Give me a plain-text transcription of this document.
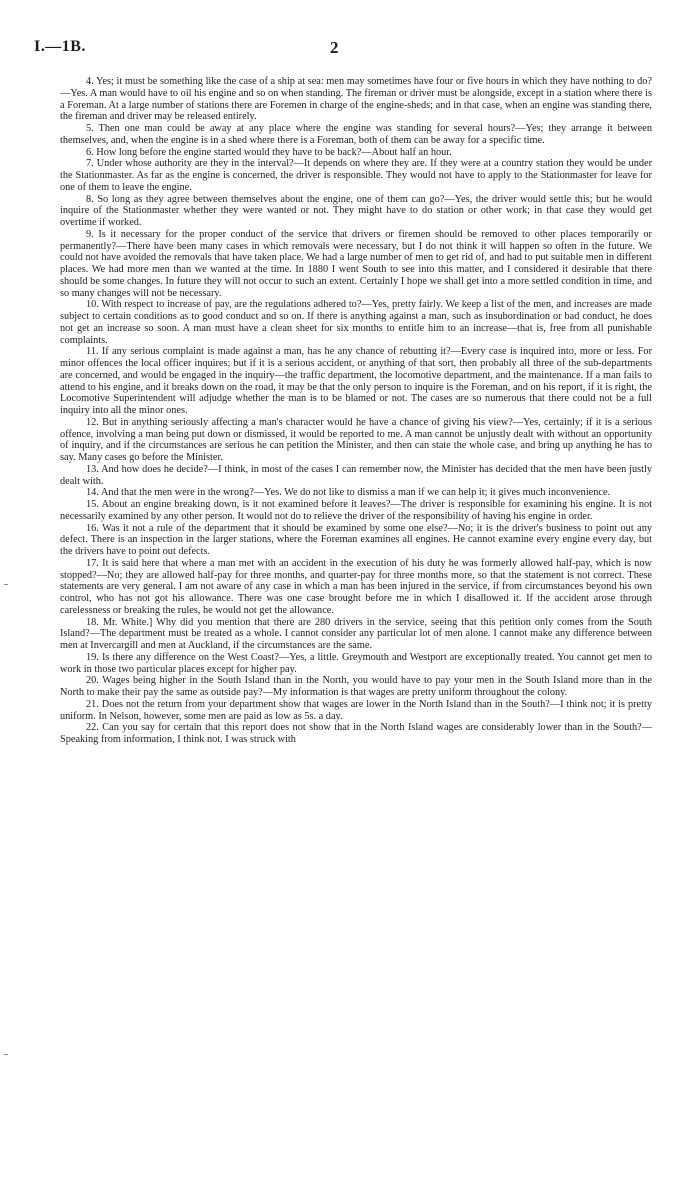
I.—1B.	2

4. Yes; it must be something like the case of a ship at sea: men may sometimes have four or five hours in which they have nothing to do?—Yes. A man would have to oil his engine and so on when standing. The fireman or driver must be alongside, except in a station where there is a Foreman. At a large number of stations there are Foremen in charge of the engine-sheds; and in that case, when an engine was standing there, the fireman and driver may be released entirely.

5. Then one man could be away at any place where the engine was standing for several hours?—Yes; they arrange it between themselves, and, when the engine is in a shed where there is a Foreman, both of them can be away for a specific time.

6. How long before the engine started would they have to be back?—About half an hour.

7. Under whose authority are they in the interval?—It depends on where they are. If they were at a country station they would be under the Stationmaster. As far as the engine is concerned, the driver is responsible. They would not have to apply to the Stationmaster for leave for one of them to leave the engine.

8. So long as they agree between themselves about the engine, one of them can go?—Yes, the driver would settle this; but he would inquire of the Stationmaster whether they were wanted or not. They might have to do station or other work; in that case they would get overtime if worked.

9. Is it necessary for the proper conduct of the service that drivers or firemen should be removed to other places temporarily or permanently?—There have been many cases in which removals were necessary, but I do not think it will happen so often in the future. We could not have avoided the removals that have taken place. We had a large number of men to get rid of, and had to put suitable men in different places. We had more men than we wanted at the time. In 1880 I went South to see into this matter, and I considered it desirable that there should be some changes. In future they will not occur to such an extent. Certainly I hope we shall get into a more settled condition in time, and so many changes will not be necessary.

10. With respect to increase of pay, are the regulations adhered to?—Yes, pretty fairly. We keep a list of the men, and increases are made subject to certain conditions as to good conduct and so on. If there is anything against a man, such as insubordination or bad conduct, he does not get an increase so soon. A man must have a clean sheet for six months to entitle him to an increase—that is, free from all punishable complaints.

11. If any serious complaint is made against a man, has he any chance of rebutting it?—Every case is inquired into, more or less. For minor offences the local officer inquires; but if it is a serious accident, or anything of that sort, then probably all three of the sub-departments are concerned, and would be engaged in the inquiry—the traffic department, the locomotive department, and the maintenance. If a man fails to attend to his engine, and it breaks down on the road, it may be that the only person to inquire is the Foreman, and on his report, if it is right, the Locomotive Superintendent will adjudge whether the man is to be blamed or not. The cases are so numerous that there could not be a full inquiry into all the minor ones.

12. But in anything seriously affecting a man's character would he have a chance of giving his view?—Yes, certainly; if it is a serious offence, involving a man being put down or dismissed, it would be reported to me. A man cannot be unjustly dealt with without an opportunity of inquiry, and if the circumstances are serious he can petition the Minister, and then can state the whole case, and bring up anything he has to say. Many cases go before the Minister.

13. And how does he decide?—I think, in most of the cases I can remember now, the Minister has decided that the men have been justly dealt with.

14. And that the men were in the wrong?—Yes. We do not like to dismiss a man if we can help it; it gives much inconvenience.

15. About an engine breaking down, is it not examined before it leaves?—The driver is responsible for examining his engine. It is not necessarily examined by any other person. It would not do to relieve the driver of the responsibility of having his engine in order.

16. Was it not a rule of the department that it should be examined by some one else?—No; it is the driver's business to point out any defect. There is an inspection in the larger stations, where the Foreman examines all engines. He cannot examine every engine every day, but the drivers have to point out defects.

17. It is said here that where a man met with an accident in the execution of his duty he was formerly allowed half-pay, which is now stopped?—No; they are allowed half-pay for three months, and quarter-pay for three months more, so that the statement is not correct. These statements are very general. I am not aware of any case in which a man has been injured in the service, if from circumstances beyond his own control, who has not got his allowance. There was one case brought before me in which I disallowed it. If the accident arose through carelessness or breaking the rules, he would not get the allowance.

18. Mr. White.] Why did you mention that there are 280 drivers in the service, seeing that this petition only comes from the South Island?—The department must be treated as a whole. I cannot consider any particular lot of men alone. I cannot make any difference between men at Invercargill and men at Auckland, if the circumstances are the same.

19. Is there any difference on the West Coast?—Yes, a little. Greymouth and Westport are exceptionally treated. You cannot get men to work in those two particular places except for higher pay.

20. Wages being higher in the South Island than in the North, you would have to pay your men in the South Island more than in the North to make their pay the same as outside pay?—My information is that wages are pretty uniform throughout the colony.

21. Does not the return from your department show that wages are lower in the North Island than in the South?—I think not; it is pretty uniform. In Nelson, however, some men are paid as low as 5s. a day.

22. Can you say for certain that this report does not show that in the North Island wages are considerably lower than in the South?—Speaking from information, I think not. I was struck with
